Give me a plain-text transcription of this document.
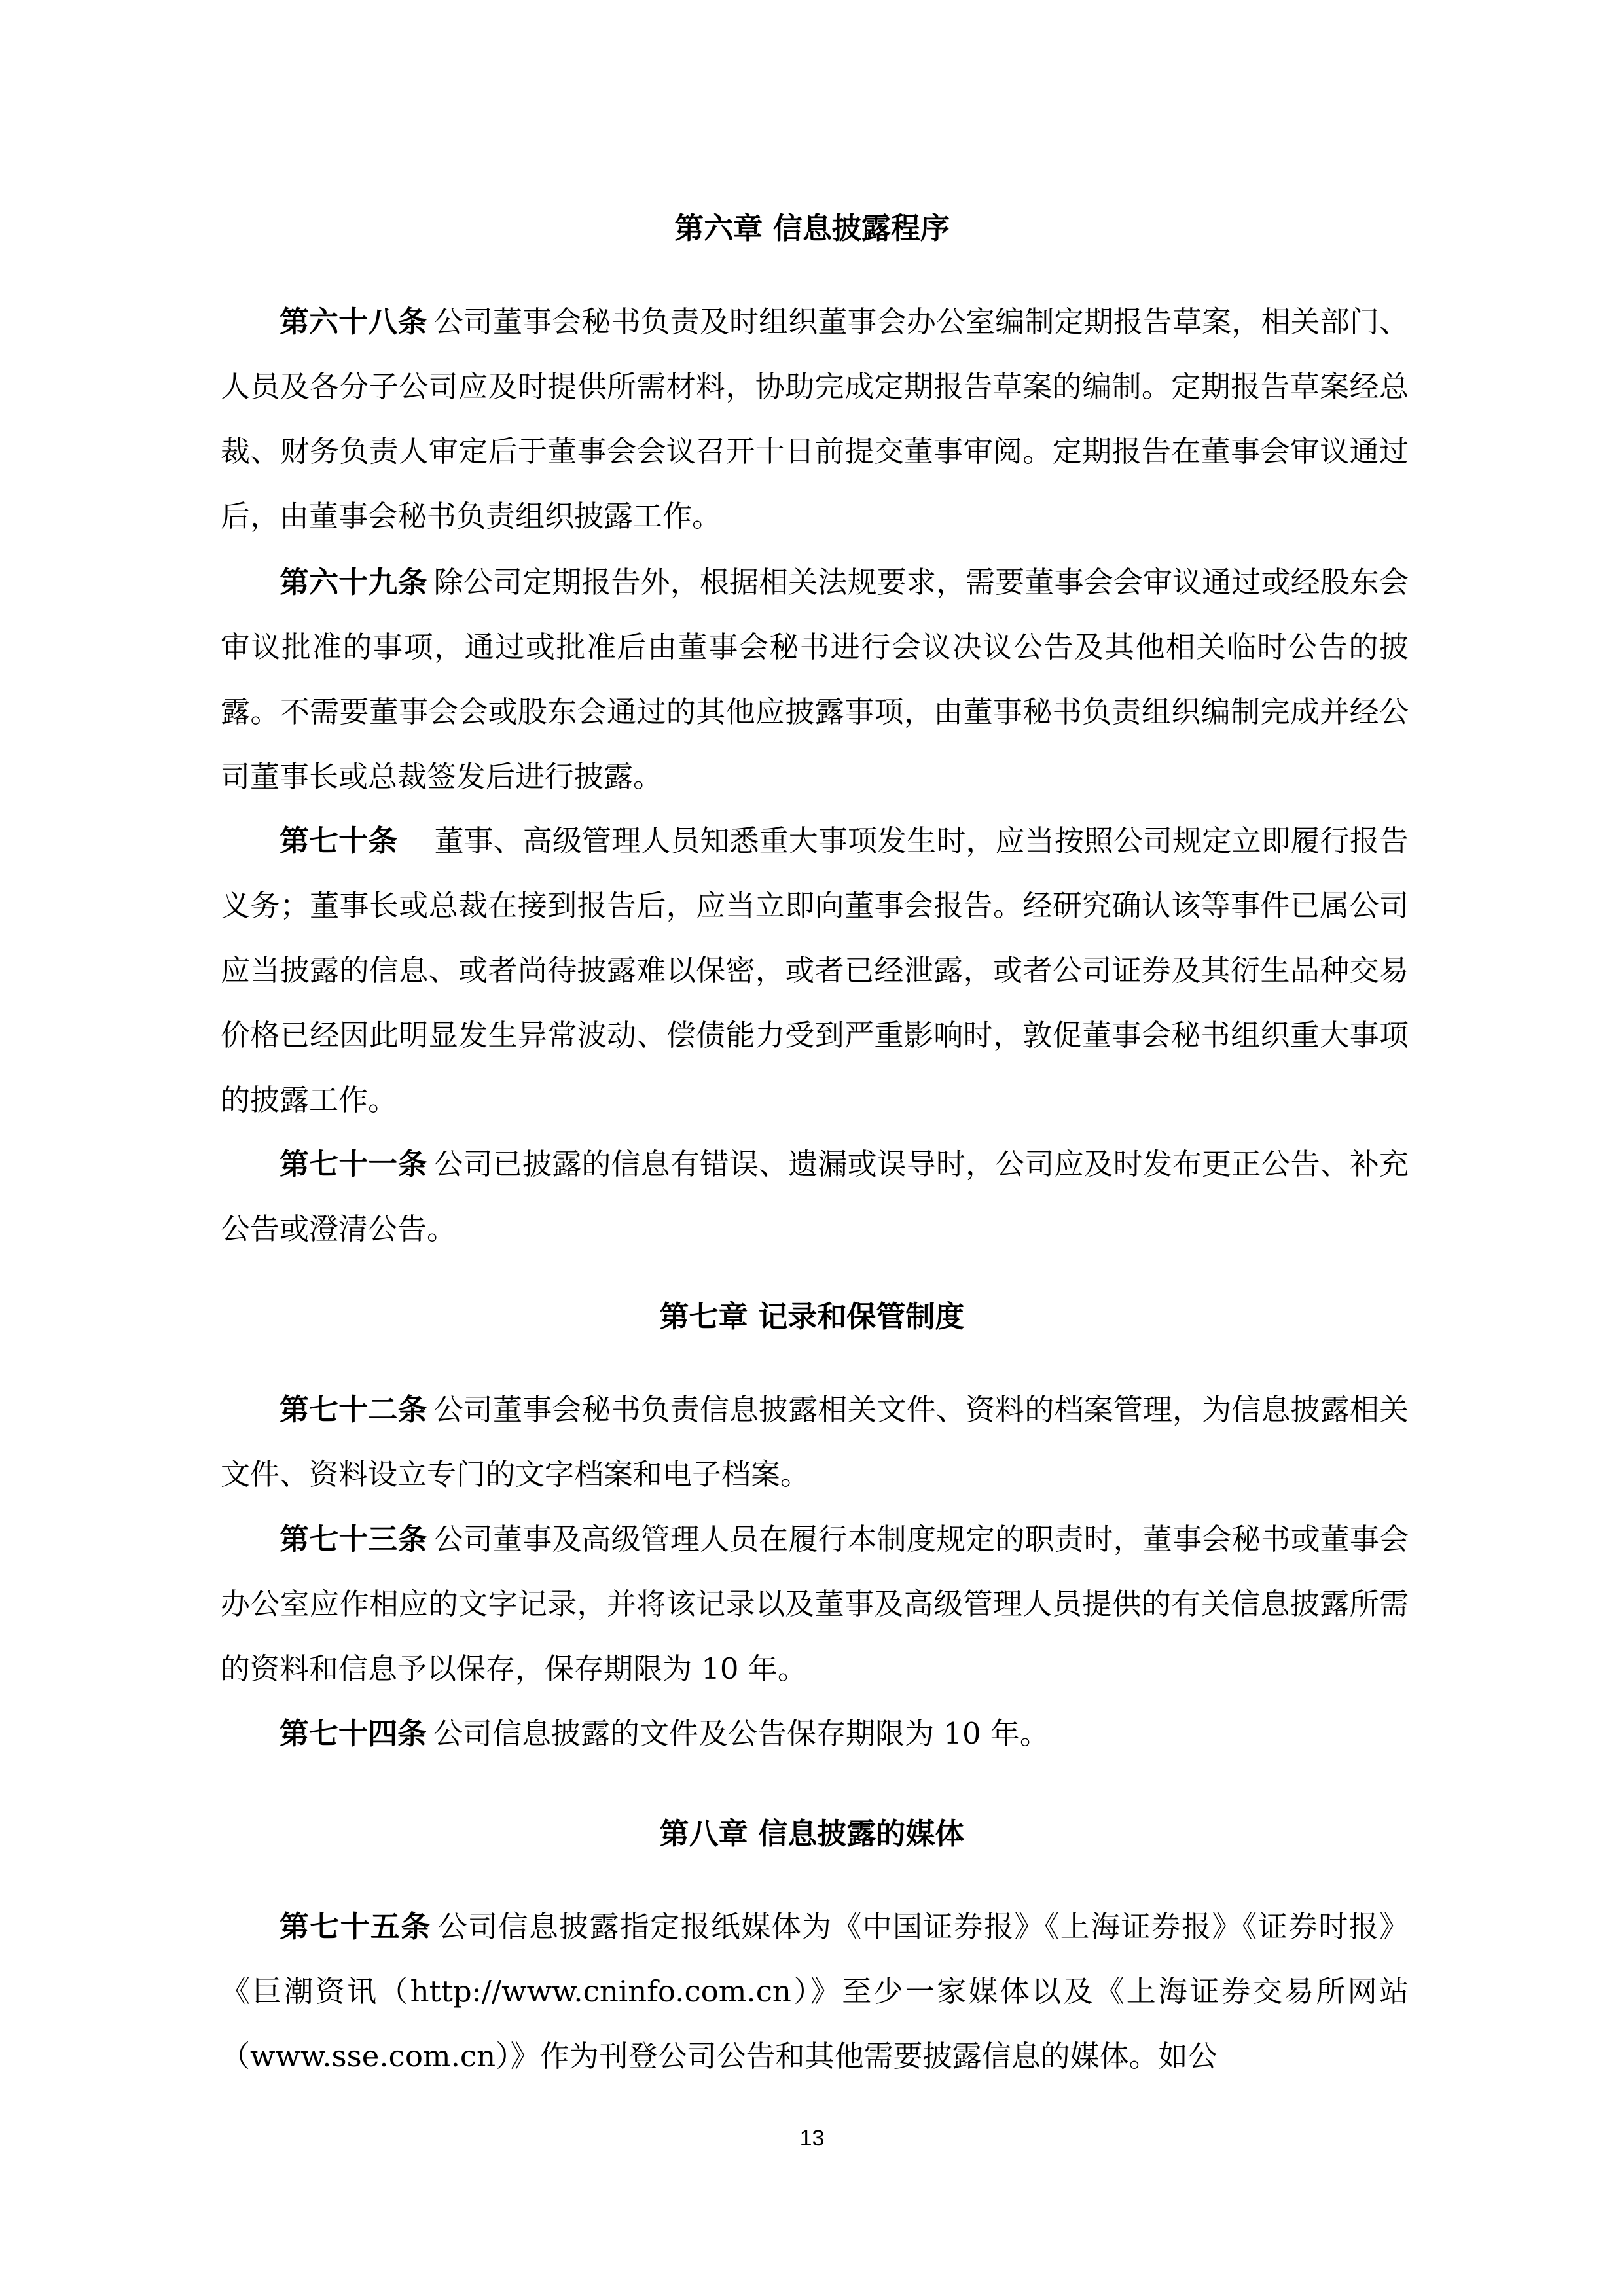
第六章 信息披露程序

第六十八条 公司董事会秘书负责及时组织董事会办公室编制定期报告草案，相关部门、人员及各分子公司应及时提供所需材料，协助完成定期报告草案的编制。定期报告草案经总裁、财务负责人审定后于董事会会议召开十日前提交董事审阅。定期报告在董事会审议通过后，由董事会秘书负责组织披露工作。

第六十九条 除公司定期报告外，根据相关法规要求，需要董事会会审议通过或经股东会审议批准的事项，通过或批准后由董事会秘书进行会议决议公告及其他相关临时公告的披露。不需要董事会会或股东会通过的其他应披露事项，由董事秘书负责组织编制完成并经公司董事长或总裁签发后进行披露。

第七十条 董事、高级管理人员知悉重大事项发生时，应当按照公司规定立即履行报告义务；董事长或总裁在接到报告后，应当立即向董事会报告。经研究确认该等事件已属公司应当披露的信息、或者尚待披露难以保密，或者已经泄露，或者公司证券及其衍生品种交易价格已经因此明显发生异常波动、偿债能力受到严重影响时，敦促董事会秘书组织重大事项的披露工作。

第七十一条 公司已披露的信息有错误、遗漏或误导时，公司应及时发布更正公告、补充公告或澄清公告。

第七章 记录和保管制度

第七十二条 公司董事会秘书负责信息披露相关文件、资料的档案管理，为信息披露相关文件、资料设立专门的文字档案和电子档案。

第七十三条 公司董事及高级管理人员在履行本制度规定的职责时，董事会秘书或董事会办公室应作相应的文字记录，并将该记录以及董事及高级管理人员提供的有关信息披露所需的资料和信息予以保存，保存期限为 10 年。

第七十四条 公司信息披露的文件及公告保存期限为 10 年。

第八章 信息披露的媒体

第七十五条 公司信息披露指定报纸媒体为《中国证券报》《上海证券报》《证券时报》《巨潮资讯（http://www.cninfo.com.cn）》至少一家媒体以及《上海证券交易所网站（www.sse.com.cn）》作为刊登公司公告和其他需要披露信息的媒体。如公

13
